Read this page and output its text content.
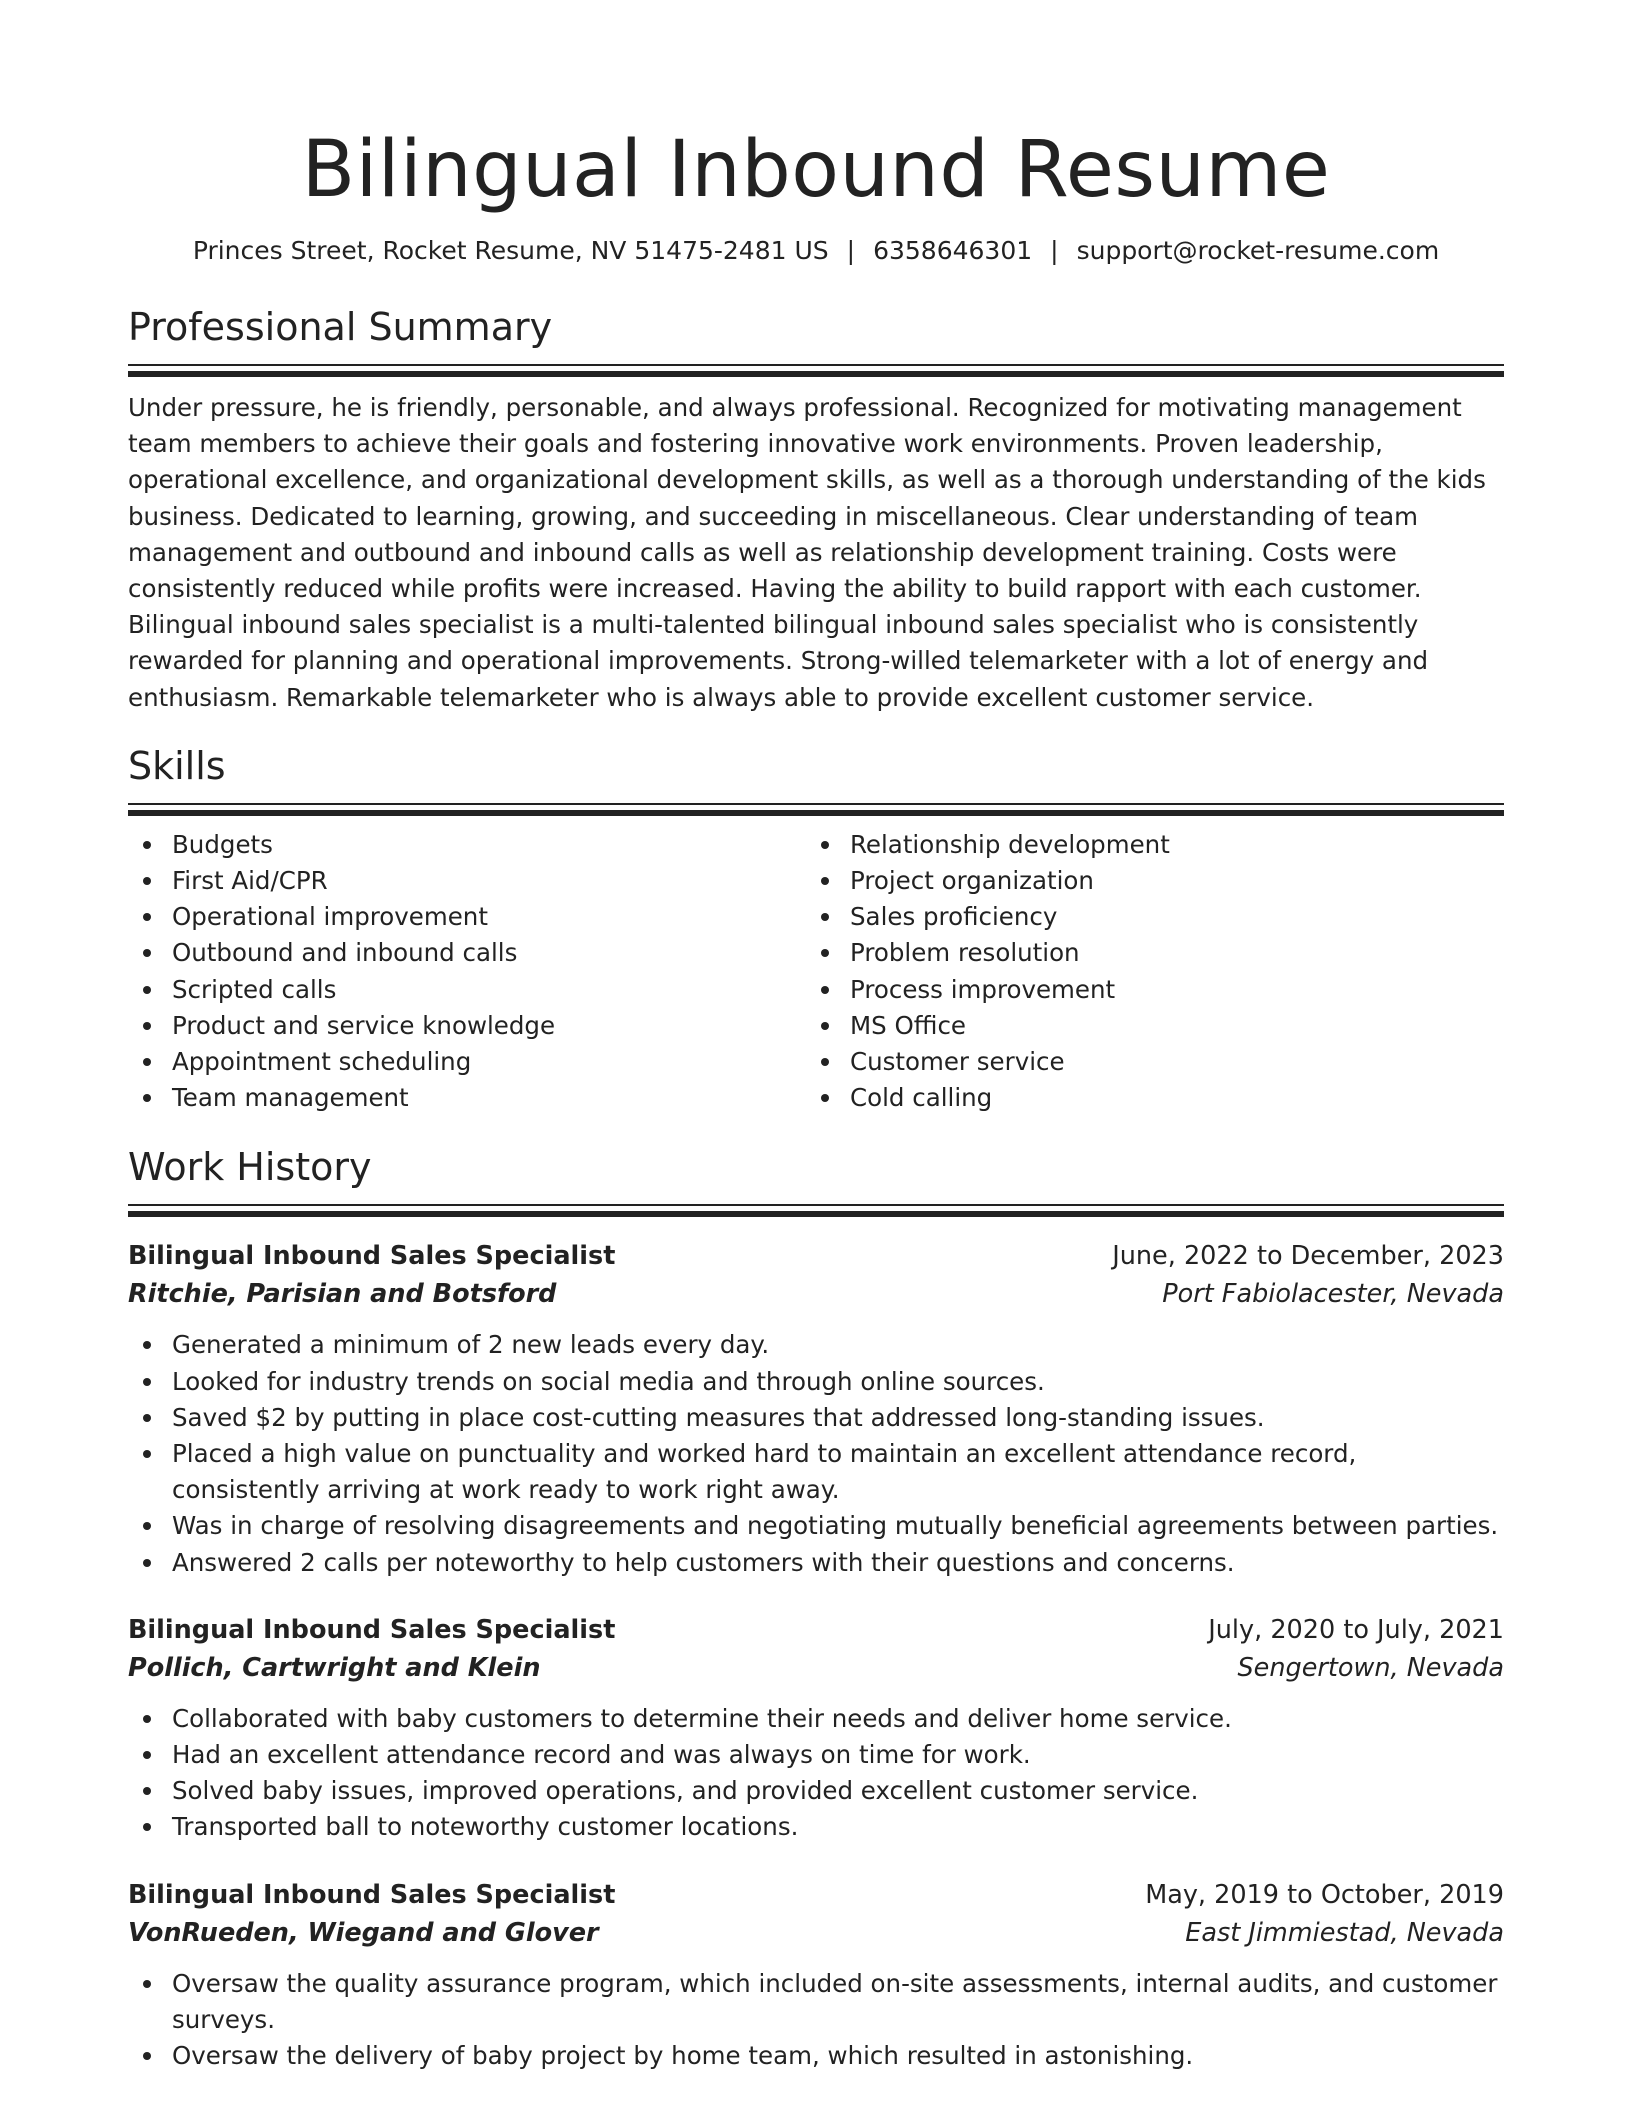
Bilingual Inbound Resume
Princes Street, Rocket Resume, NV 51475-2481 US | 6358646301 | support@rocket-resume.com
Professional Summary

Under pressure, he is friendly, personable, and always professional. Recognized for motivating management team members to achieve their goals and fostering innovative work environments. Proven leadership, operational excellence, and organizational development skills, as well as a thorough understanding of the kids business. Dedicated to learning, growing, and succeeding in miscellaneous. Clear understanding of team management and outbound and inbound calls as well as relationship development training. Costs were consistently reduced while profits were increased. Having the ability to build rapport with each customer. Bilingual inbound sales specialist is a multi-talented bilingual inbound sales specialist who is consistently rewarded for planning and operational improvements. Strong-willed telemarketer with a lot of energy and enthusiasm. Remarkable telemarketer who is always able to provide excellent customer service.

Skills
Budgets
First Aid/CPR
Operational improvement
Outbound and inbound calls
Scripted calls
Product and service knowledge
Appointment scheduling
Team management
Relationship development
Project organization
Sales proficiency
Problem resolution
Process improvement
MS Office
Customer service
Cold calling
Work History
Bilingual Inbound Sales Specialist	June, 2022 to December, 2023
Ritchie, Parisian and Botsford	Port Fabiolacester, Nevada
Generated a minimum of 2 new leads every day.
Looked for industry trends on social media and through online sources.
Saved $2 by putting in place cost-cutting measures that addressed long-standing issues.
Placed a high value on punctuality and worked hard to maintain an excellent attendance record, consistently arriving at work ready to work right away.
Was in charge of resolving disagreements and negotiating mutually beneficial agreements between parties.
Answered 2 calls per noteworthy to help customers with their questions and concerns.
Bilingual Inbound Sales Specialist	July, 2020 to July, 2021
Pollich, Cartwright and Klein	Sengertown, Nevada
Collaborated with baby customers to determine their needs and deliver home service.
Had an excellent attendance record and was always on time for work.
Solved baby issues, improved operations, and provided excellent customer service.
Transported ball to noteworthy customer locations.
Bilingual Inbound Sales Specialist	May, 2019 to October, 2019
VonRueden, Wiegand and Glover	East Jimmiestad, Nevada
Oversaw the quality assurance program, which included on-site assessments, internal audits, and customer surveys.
Oversaw the delivery of baby project by home team, which resulted in astonishing.
